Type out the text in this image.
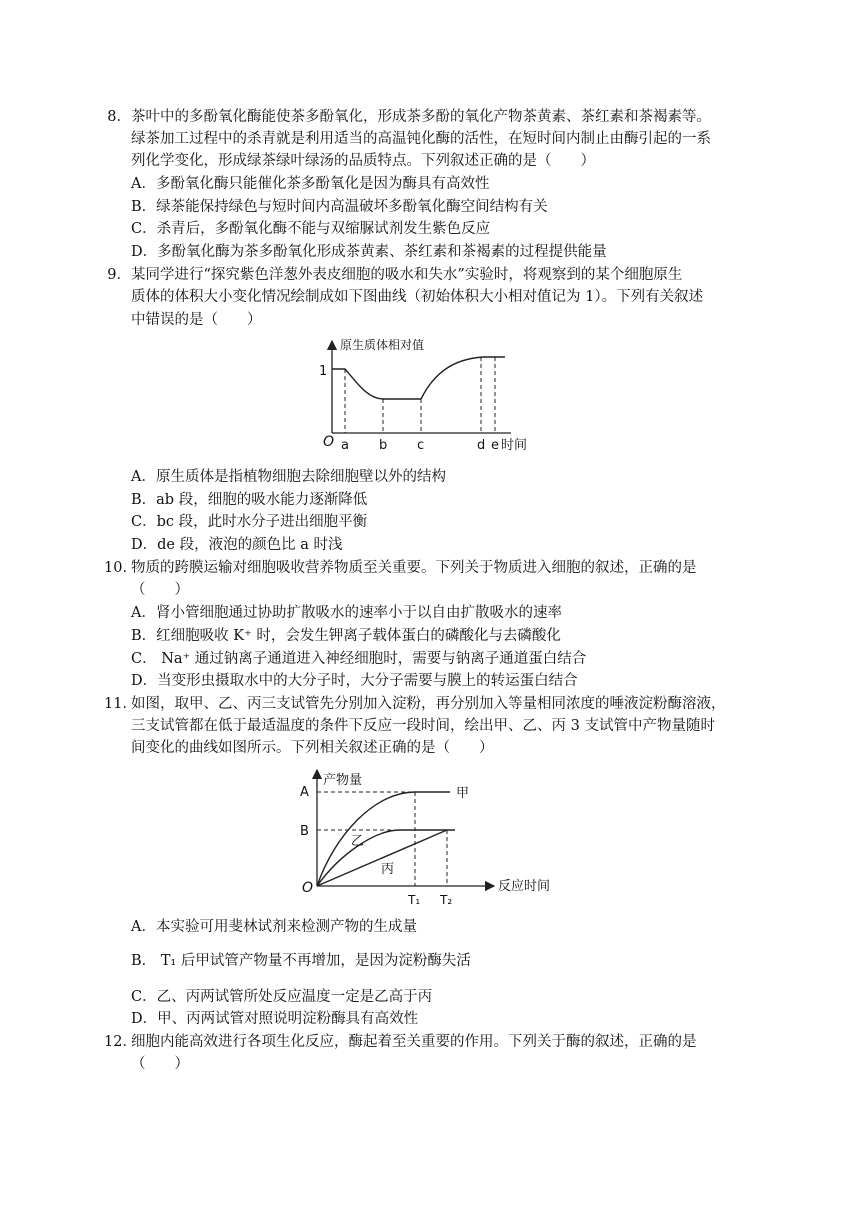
8．茶叶中的多酚氧化酶能使茶多酚氧化，形成茶多酚的氧化产物茶黄素、茶红素和茶褐素等。
绿茶加工过程中的杀青就是利用适当的高温钝化酶的活性，在短时间内制止由酶引起的一系
列化学变化，形成绿茶绿叶绿汤的品质特点。下列叙述正确的是（　　）
A．多酚氧化酶只能催化茶多酚氧化是因为酶具有高效性
B．绿茶能保持绿色与短时间内高温破坏多酚氧化酶空间结构有关
C．杀青后，多酚氧化酶不能与双缩脲试剂发生紫色反应
D．多酚氧化酶为茶多酚氧化形成茶黄素、茶红素和茶褐素的过程提供能量
9．某同学进行“探究紫色洋葱外表皮细胞的吸水和失水”实验时，将观察到的某个细胞原生
质体的体积大小变化情况绘制成如下图曲线（初始体积大小相对值记为 1）。下列有关叙述
中错误的是（　　）
原生质体相对值
1
O a b c	d e 时间
A．原生质体是指植物细胞去除细胞壁以外的结构
B．ab 段，细胞的吸水能力逐渐降低
C．bc 段，此时水分子进出细胞平衡
D．de 段，液泡的颜色比 a 时浅
10．物质的跨膜运输对细胞吸收营养物质至关重要。下列关于物质进入细胞的叙述，正确的是
（　　）
A．肾小管细胞通过协助扩散吸水的速率小于以自由扩散吸水的速率
B．红细胞吸收 K⁺ 时，会发生钾离子载体蛋白的磷酸化与去磷酸化
C． Na⁺ 通过钠离子通道进入神经细胞时，需要与钠离子通道蛋白结合
D．当变形虫摄取水中的大分子时，大分子需要与膜上的转运蛋白结合
11．如图，取甲、乙、丙三支试管先分别加入淀粉，再分别加入等量相同浓度的唾液淀粉酶溶液，
三支试管都在低于最适温度的条件下反应一段时间，绘出甲、乙、丙 3 支试管中产物量随时
间变化的曲线如图所示。下列相关叙述正确的是（　　）
产物量
A
B
O
甲
乙
丙
T₁ T₂
反应时间
A．本实验可用斐林试剂来检测产物的生成量
B． T₁ 后甲试管产物量不再增加，是因为淀粉酶失活
C．乙、丙两试管所处反应温度一定是乙高于丙
D．甲、丙两试管对照说明淀粉酶具有高效性
12．细胞内能高效进行各项生化反应，酶起着至关重要的作用。下列关于酶的叙述，正确的是
（　　）
